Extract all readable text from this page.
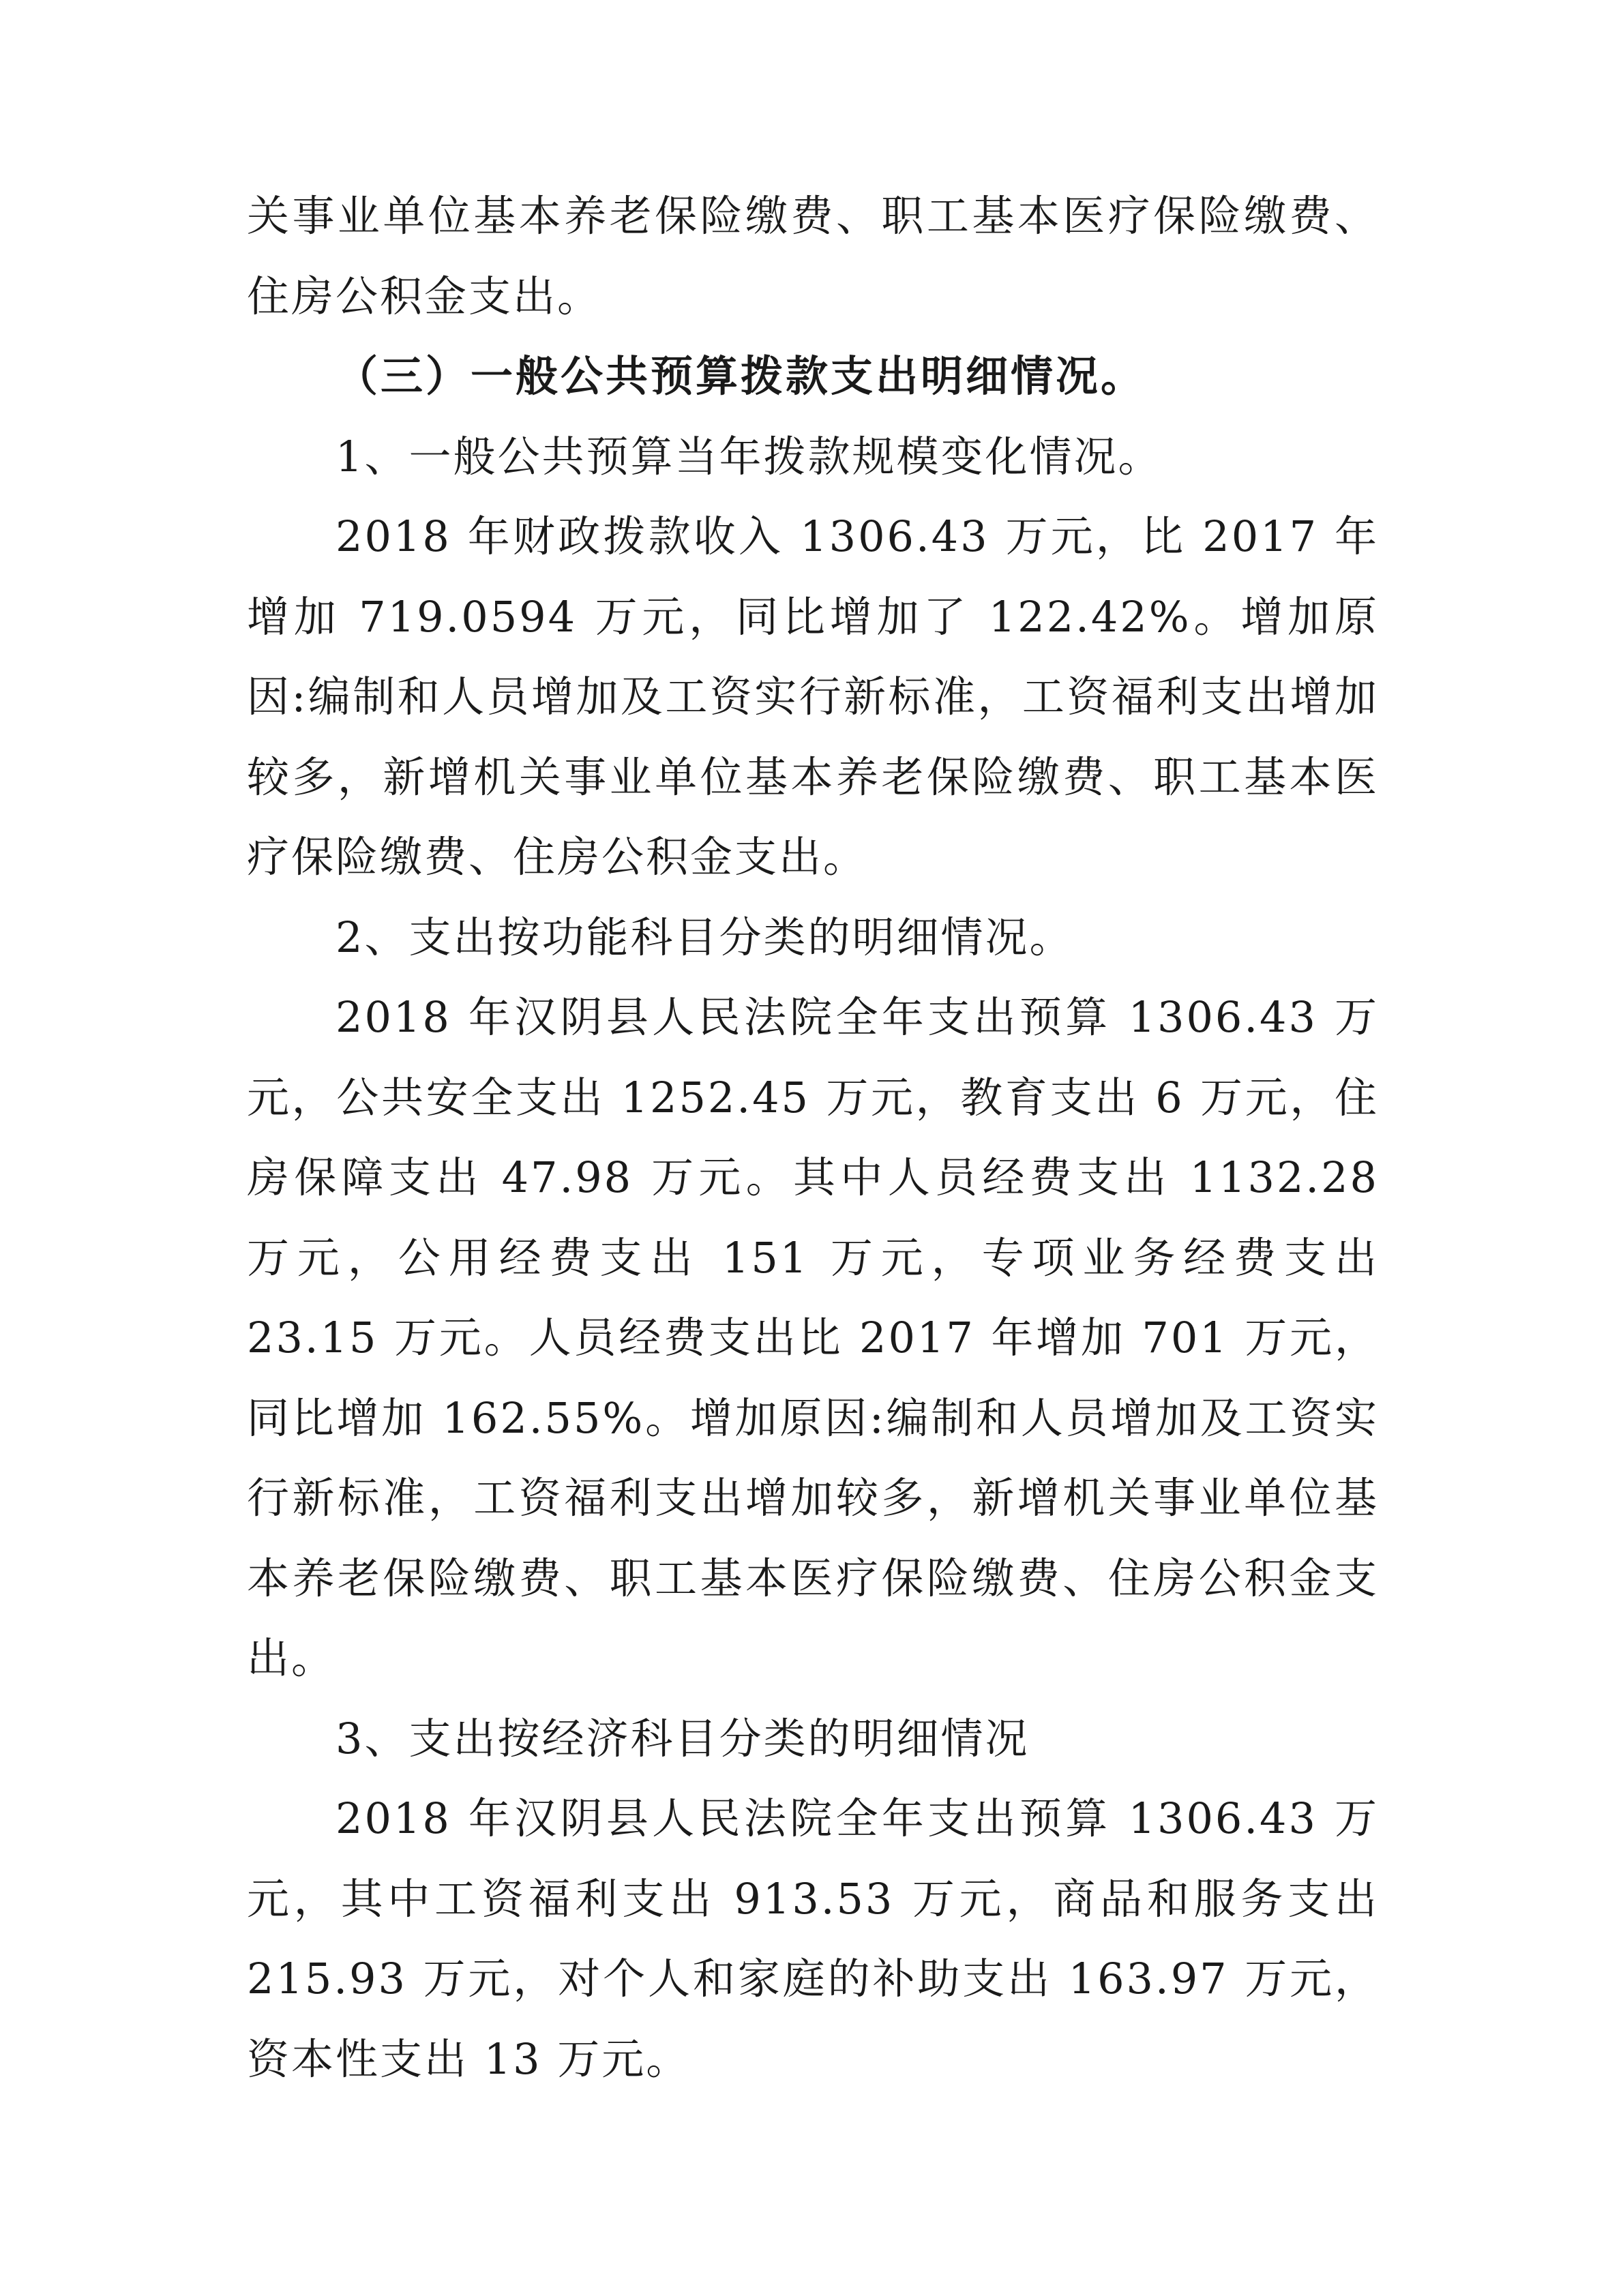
关事业单位基本养老保险缴费、职工基本医疗保险缴费、住房公积金支出。

（三）一般公共预算拨款支出明细情况。

1、一般公共预算当年拨款规模变化情况。

2018 年财政拨款收入 1306.43 万元，比 2017 年增加 719.0594 万元，同比增加了 122.42%。增加原因:编制和人员增加及工资实行新标准，工资福利支出增加较多，新增机关事业单位基本养老保险缴费、职工基本医疗保险缴费、住房公积金支出。

2、支出按功能科目分类的明细情况。

2018 年汉阴县人民法院全年支出预算 1306.43 万元，公共安全支出 1252.45 万元，教育支出 6 万元，住房保障支出 47.98 万元。其中人员经费支出 1132.28 万元，公用经费支出 151 万元，专项业务经费支出 23.15 万元。人员经费支出比 2017 年增加 701 万元，同比增加 162.55%。增加原因:编制和人员增加及工资实行新标准，工资福利支出增加较多，新增机关事业单位基本养老保险缴费、职工基本医疗保险缴费、住房公积金支出。

3、支出按经济科目分类的明细情况

2018 年汉阴县人民法院全年支出预算 1306.43 万元，其中工资福利支出 913.53 万元，商品和服务支出 215.93 万元，对个人和家庭的补助支出 163.97 万元，资本性支出 13 万元。
